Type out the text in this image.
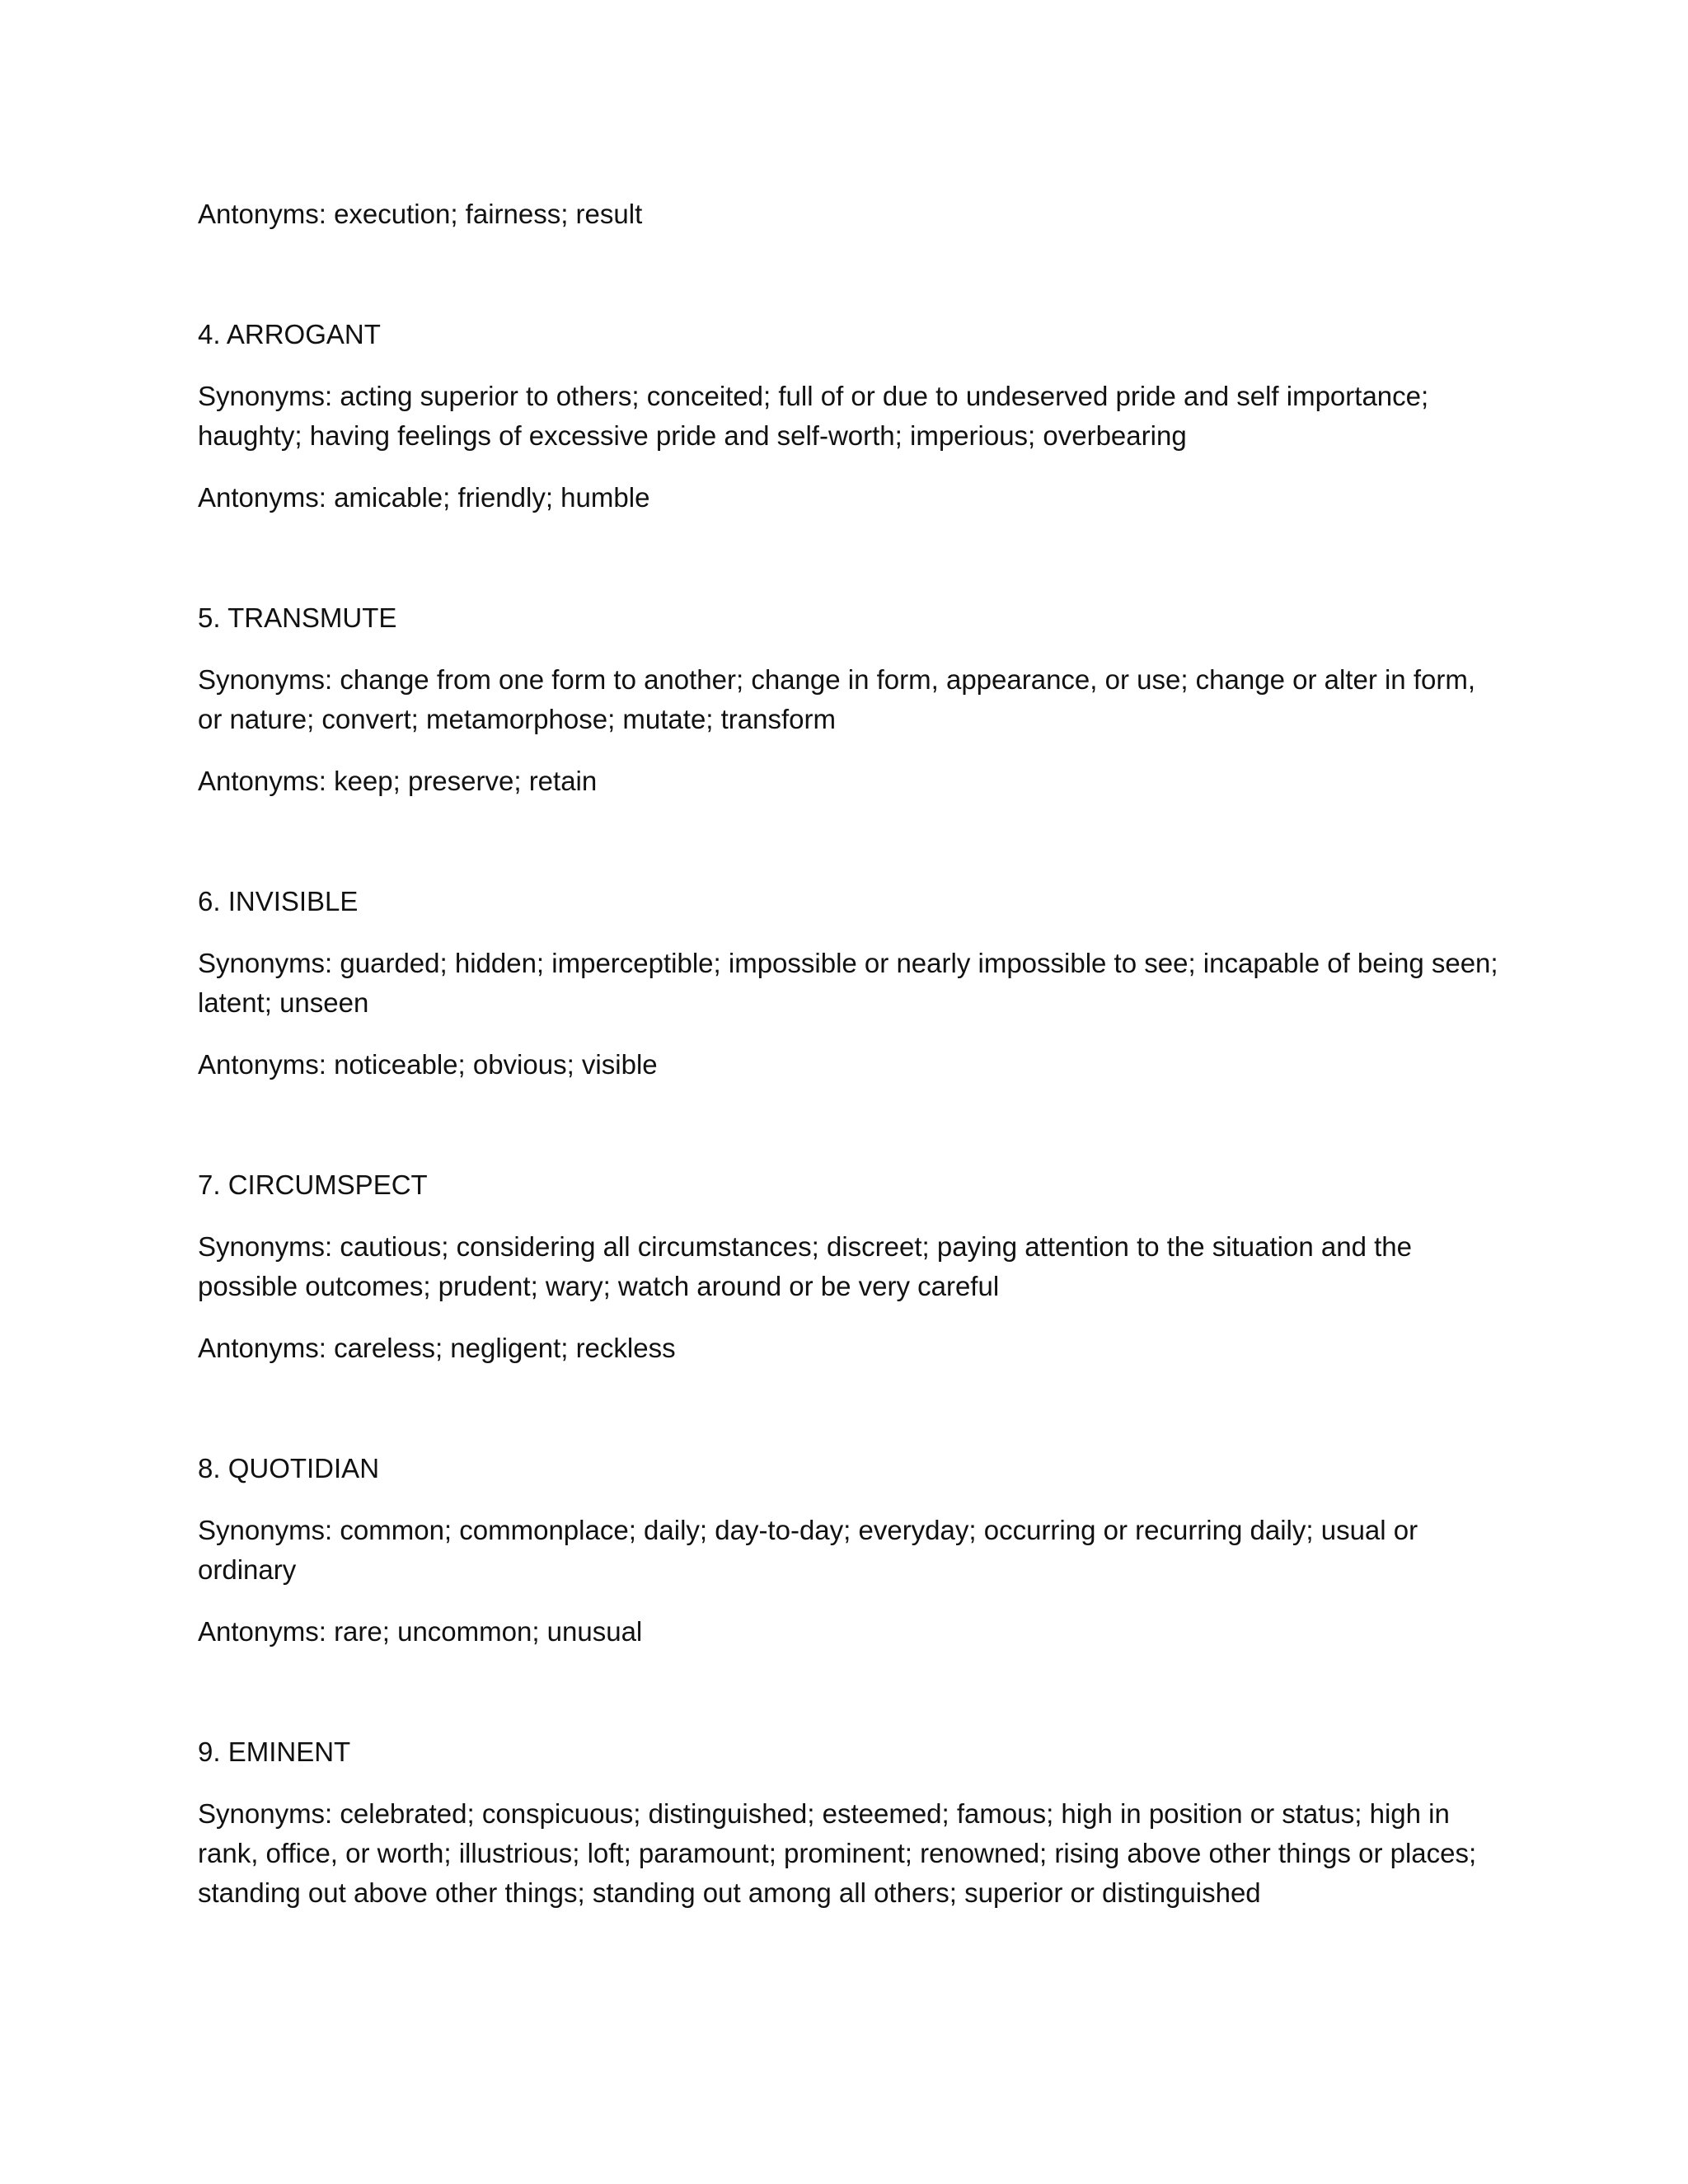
Antonyms: execution; fairness; result

4. ARROGANT

Synonyms: acting superior to others; conceited; full of or due to undeserved pride and self importance; haughty; having feelings of excessive pride and self-worth; imperious; overbearing

Antonyms: amicable; friendly; humble

5. TRANSMUTE

Synonyms: change from one form to another; change in form, appearance, or use; change or alter in form, or nature; convert; metamorphose; mutate; transform

Antonyms: keep; preserve; retain

6. INVISIBLE

Synonyms: guarded; hidden; imperceptible; impossible or nearly impossible to see; incapable of being seen; latent; unseen

Antonyms: noticeable; obvious; visible

7. CIRCUMSPECT

Synonyms: cautious; considering all circumstances; discreet; paying attention to the situation and the possible outcomes; prudent; wary; watch around or be very careful

Antonyms: careless; negligent; reckless

8. QUOTIDIAN

Synonyms: common; commonplace; daily; day-to-day; everyday; occurring or recurring daily; usual or ordinary

Antonyms: rare; uncommon; unusual

9. EMINENT

Synonyms: celebrated; conspicuous; distinguished; esteemed; famous; high in position or status; high in rank, office, or worth; illustrious; loft; paramount; prominent; renowned; rising above other things or places; standing out above other things; standing out among all others; superior or distinguished
